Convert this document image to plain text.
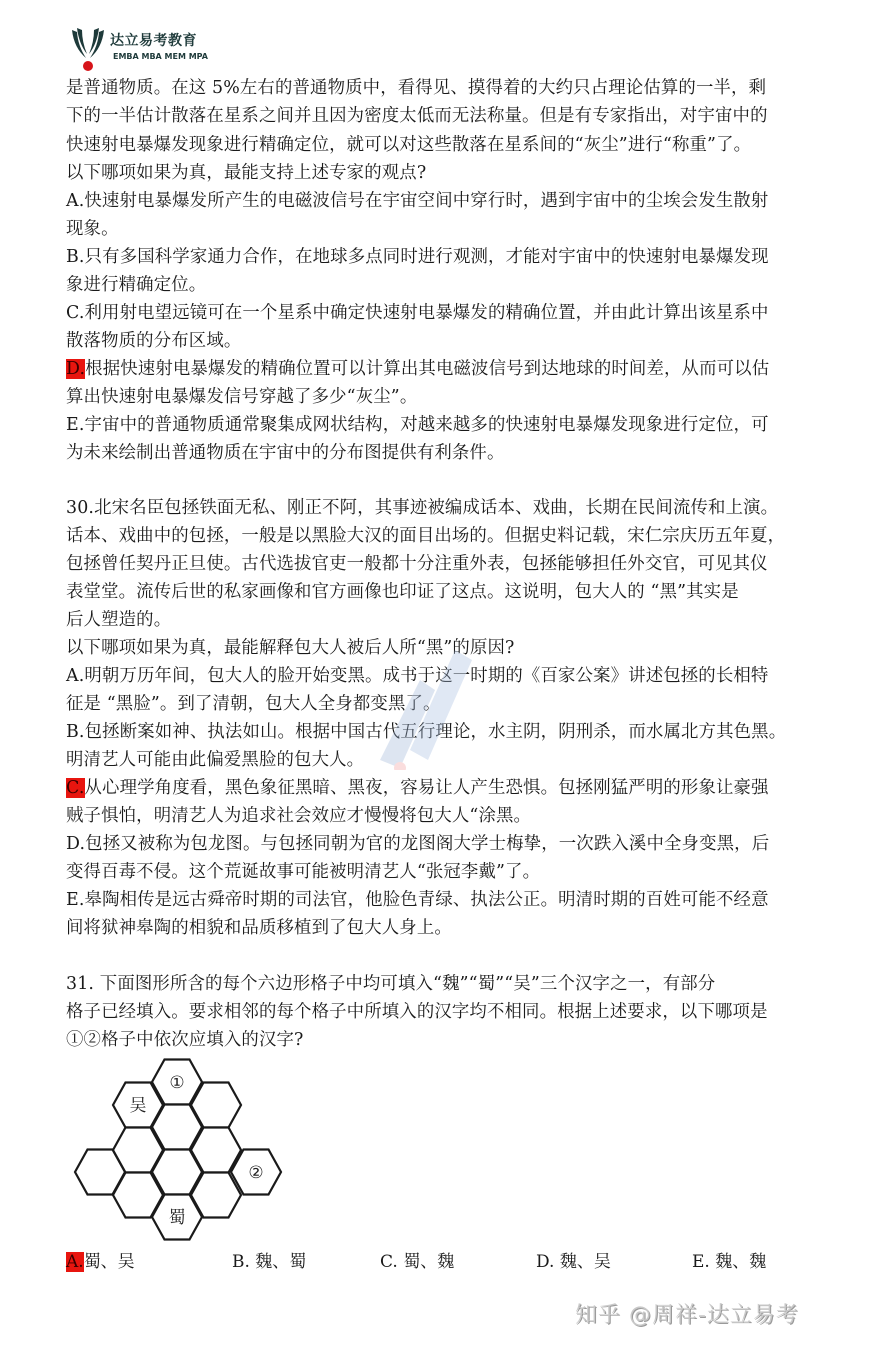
达立易考教育
EMBA MBA MEM MPA
是普通物质。在这 5%左右的普通物质中，看得见、摸得着的大约只占理论估算的一半，剩
下的一半估计散落在星系之间并且因为密度太低而无法称量。但是有专家指出，对宇宙中的
快速射电暴爆发现象进行精确定位，就可以对这些散落在星系间的“灰尘”进行“称重”了。
以下哪项如果为真，最能支持上述专家的观点?
A.快速射电暴爆发所产生的电磁波信号在宇宙空间中穿行时，遇到宇宙中的尘埃会发生散射
现象。
B.只有多国科学家通力合作，在地球多点同时进行观测，才能对宇宙中的快速射电暴爆发现
象进行精确定位。
C.利用射电望远镜可在一个星系中确定快速射电暴爆发的精确位置，并由此计算出该星系中
散落物质的分布区域。
D.根据快速射电暴爆发的精确位置可以计算出其电磁波信号到达地球的时间差，从而可以估
算出快速射电暴爆发信号穿越了多少“灰尘”。
E.宇宙中的普通物质通常聚集成网状结构，对越来越多的快速射电暴爆发现象进行定位，可
为未来绘制出普通物质在宇宙中的分布图提供有利条件。
30.北宋名臣包拯铁面无私、刚正不阿，其事迹被编成话本、戏曲，长期在民间流传和上演。
话本、戏曲中的包拯，一般是以黑脸大汉的面目出场的。但据史料记载，宋仁宗庆历五年夏，
包拯曾任契丹正旦使。古代选拔官吏一般都十分注重外表，包拯能够担任外交官，可见其仪
表堂堂。流传后世的私家画像和官方画像也印证了这点。这说明，包大人的 “黑”其实是
后人塑造的。
以下哪项如果为真，最能解释包大人被后人所“黑”的原因?
A.明朝万历年间，包大人的脸开始变黑。成书于这一时期的《百家公案》讲述包拯的长相特
征是 “黑脸”。到了清朝，包大人全身都变黑了。
B.包拯断案如神、执法如山。根据中国古代五行理论，水主阴，阴刑杀，而水属北方其色黑。
明清艺人可能由此偏爱黑脸的包大人。
C.从心理学角度看，黑色象征黑暗、黑夜，容易让人产生恐惧。包拯刚猛严明的形象让豪强
贼子惧怕，明清艺人为追求社会效应才慢慢将包大人“涂黑。
D.包拯又被称为包龙图。与包拯同朝为官的龙图阁大学士梅挚，一次跌入溪中全身变黑，后
变得百毒不侵。这个荒诞故事可能被明清艺人“张冠李戴”了。
E.皋陶相传是远古舜帝时期的司法官，他脸色青绿、执法公正。明清时期的百姓可能不经意
间将狱神皋陶的相貌和品质移植到了包大人身上。
31. 下面图形所含的每个六边形格子中均可填入“魏”“蜀”“吴”三个汉字之一，有部分
格子已经填入。要求相邻的每个格子中所填入的汉字均不相同。根据上述要求，以下哪项是
①②格子中依次应填入的汉字?
吴
①
②
蜀
A.蜀、吴	B. 魏、蜀	C. 蜀、魏	D. 魏、吴	E. 魏、魏
知乎 @周祥-达立易考
